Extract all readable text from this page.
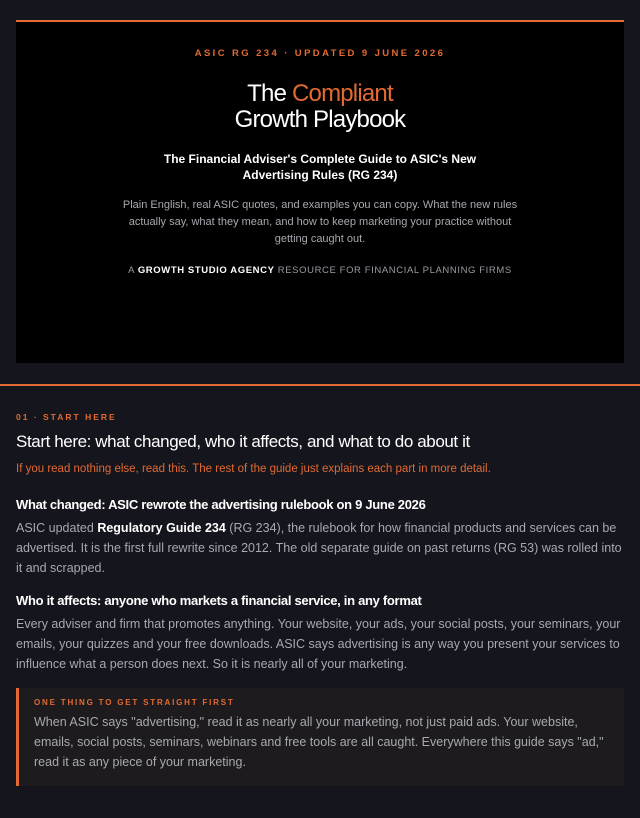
ASIC RG 234 · UPDATED 9 JUNE 2026
The Compliant
Growth Playbook
The Financial Adviser's Complete Guide to ASIC's New Advertising Rules (RG 234)

Plain English, real ASIC quotes, and examples you can copy. What the new rules actually say, what they mean, and how to keep marketing your practice without getting caught out.

A GROWTH STUDIO AGENCY RESOURCE FOR FINANCIAL PLANNING FIRMS
01 · START HERE
Start here: what changed, who it affects, and what to do about it

If you read nothing else, read this. The rest of the guide just explains each part in more detail.

What changed: ASIC rewrote the advertising rulebook on 9 June 2026

ASIC updated Regulatory Guide 234 (RG 234), the rulebook for how financial products and services can be advertised. It is the first full rewrite since 2012. The old separate guide on past returns (RG 53) was rolled into it and scrapped.

Who it affects: anyone who markets a financial service, in any format

Every adviser and firm that promotes anything. Your website, your ads, your social posts, your seminars, your emails, your quizzes and your free downloads. ASIC says advertising is any way you present your services to influence what a person does next. So it is nearly all of your marketing.

ONE THING TO GET STRAIGHT FIRST

When ASIC says "advertising," read it as nearly all your marketing, not just paid ads. Your website, emails, social posts, seminars, webinars and free tools are all caught. Everywhere this guide says "ad," read it as any piece of your marketing.
